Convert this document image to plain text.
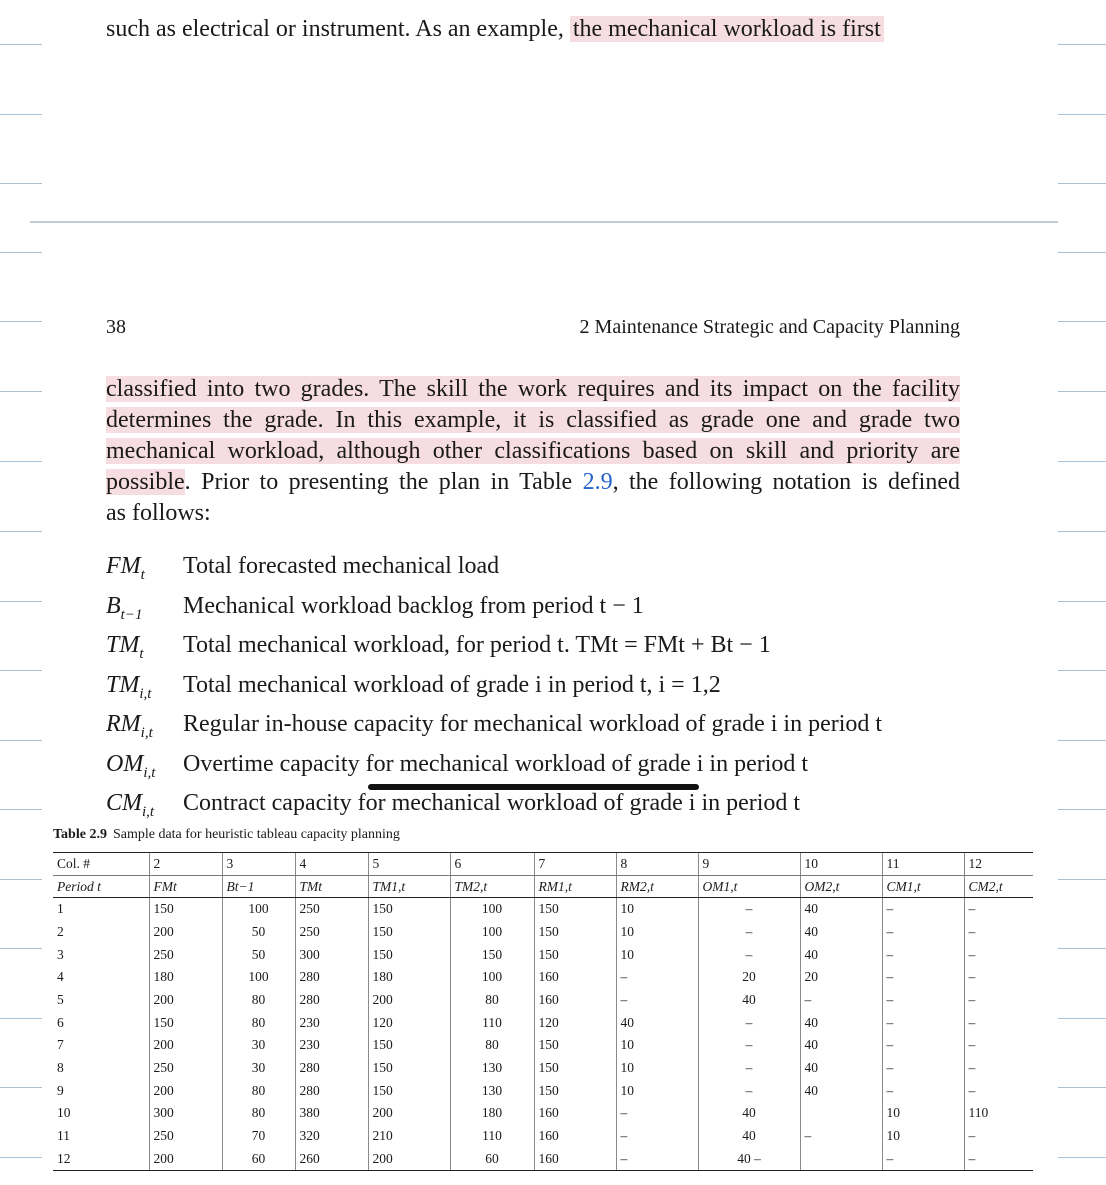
such as electrical or instrument. As an example, the mechanical workload is first
38	2 Maintenance Strategic and Capacity Planning
classified into two grades. The skill the work requires and its impact on the facility
determines the grade. In this example, it is classified as grade one and grade two
mechanical workload, although other classifications based on skill and priority are
possible. Prior to presenting the plan in Table 2.9, the following notation is defined
as follows:
$FM_t$	Total forecasted mechanical load
$B_{t-1}$	Mechanical workload backlog from period t − 1
$TM_t$	Total mechanical workload, for period t. TMt = FMt + Bt − 1
$TM_{i,t}$	Total mechanical workload of grade i in period t, i = 1,2
$RM_{i,t}$	Regular in-house capacity for mechanical workload of grade i in period t
$OM_{i,t}$	Overtime capacity for mechanical workload of grade i in period t
$CM_{i,t}$	Contract capacity for mechanical workload of grade i in period t
Table 2.9 Sample data for heuristic tableau capacity planning
Col. #	2	3	4	5	6	7	8	9	10	11	12
Period t	FMt	Bt−1	TMt	TM1,t	TM2,t	RM1,t	RM2,t	OM1,t	OM2,t	CM1,t	CM2,t
1	150	100	250	150	100	150	10	–	40	–	–
2	200	50	250	150	100	150	10	–	40	–	–
3	250	50	300	150	150	150	10	–	40	–	–
4	180	100	280	180	100	160	–	20	20	–	–
5	200	80	280	200	80	160	–	40	–	–	–
6	150	80	230	120	110	120	40	–	40	–	–
7	200	30	230	150	80	150	10	–	40	–	–
8	250	30	280	150	130	150	10	–	40	–	–
9	200	80	280	150	130	150	10	–	40	–	–
10	300	80	380	200	180	160	–	40		10	110
11	250	70	320	210	110	160	–	40	–	10	–
12	200	60	260	200	60	160	–	40 –		–	–
